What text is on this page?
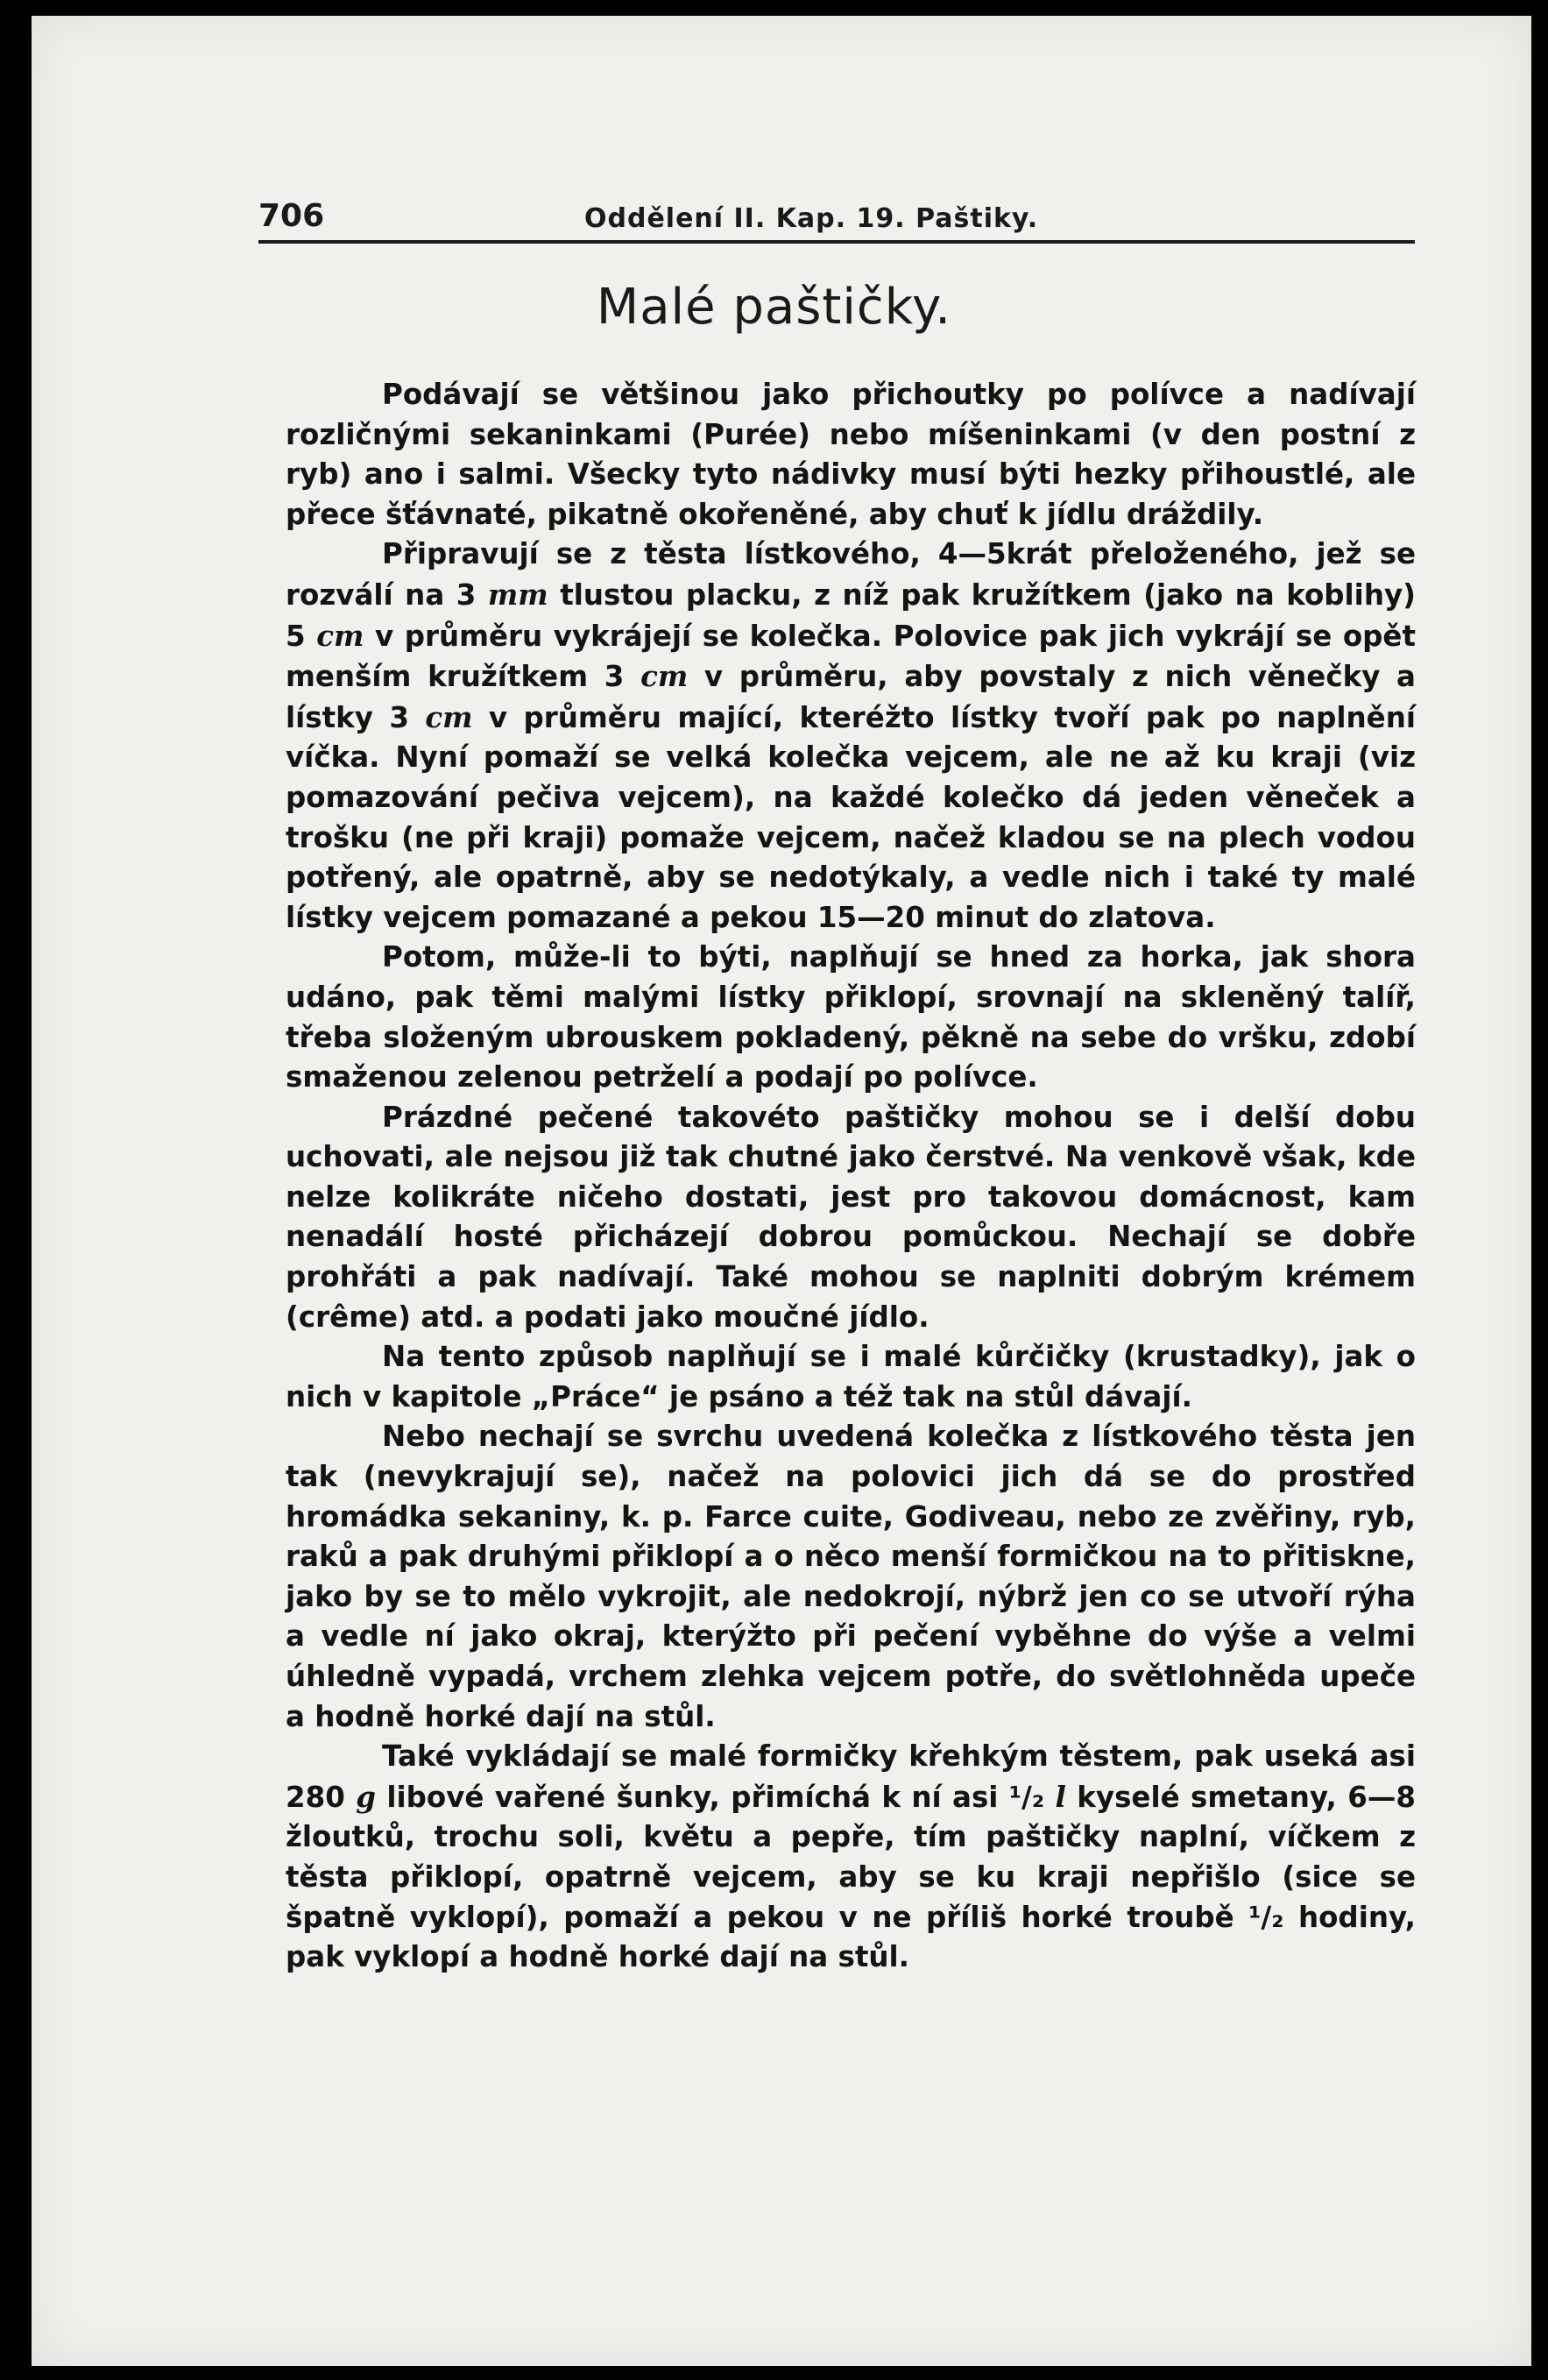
706	Oddělení II. Kap. 19. Paštiky.
Malé paštičky.

Podávají se většinou jako přichoutky po polívce a nadívají rozličnými sekaninkami (Purée) nebo míšeninkami (v den postní z ryb) ano i salmi. Všecky tyto nádivky musí býti hezky přihoustlé, ale přece šťávnaté, pikatně okořeněné, aby chuť k jídlu dráždily.

Připravují se z těsta lístkového, 4—5krát přeloženého, jež se rozválí na 3 mm tlustou placku, z níž pak kružítkem (jako na koblihy) 5 cm v průměru vykrájejí se kolečka. Polovice pak jich vykrájí se opět menším kružítkem 3 cm v průměru, aby povstaly z nich věnečky a lístky 3 cm v průměru mající, kteréžto lístky tvoří pak po naplnění víčka. Nyní pomaží se velká kolečka vejcem, ale ne až ku kraji (viz pomazování pečiva vejcem), na každé kolečko dá jeden věneček a trošku (ne při kraji) pomaže vejcem, načež kladou se na plech vodou potřený, ale opatrně, aby se nedotýkaly, a vedle nich i také ty malé lístky vejcem pomazané a pekou 15—20 minut do zlatova.

Potom, může-li to býti, naplňují se hned za horka, jak shora udáno, pak těmi malými lístky přiklopí, srovnají na skleněný talíř, třeba složeným ubrouskem pokladený, pěkně na sebe do vršku, zdobí smaženou zelenou petrželí a podají po polívce.

Prázdné pečené takovéto paštičky mohou se i delší dobu uchovati, ale nejsou již tak chutné jako čerstvé. Na venkově však, kde nelze kolikráte ničeho dostati, jest pro takovou domácnost, kam nenadálí hosté přicházejí dobrou pomůckou. Nechají se dobře prohřáti a pak nadívají. Také mohou se naplniti dobrým krémem (crême) atd. a podati jako moučné jídlo.

Na tento způsob naplňují se i malé kůrčičky (krustadky), jak o nich v kapitole „Práce“ je psáno a též tak na stůl dávají.

Nebo nechají se svrchu uvedená kolečka z lístkového těsta jen tak (nevykrajují se), načež na polovici jich dá se do prostřed hromádka sekaniny, k. p. Farce cuite, Godiveau, nebo ze zvěřiny, ryb, raků a pak druhými přiklopí a o něco menší formičkou na to přitiskne, jako by se to mělo vykrojit, ale nedokrojí, nýbrž jen co se utvoří rýha a vedle ní jako okraj, kterýžto při pečení vyběhne do výše a velmi úhledně vypadá, vrchem zlehka vejcem potře, do světlohněda upeče a hodně horké dají na stůl.

Také vykládají se malé formičky křehkým těstem, pak useká asi 280 g libové vařené šunky, přimíchá k ní asi ¹/₂ l kyselé smetany, 6—8 žloutků, trochu soli, květu a pepře, tím paštičky naplní, víčkem z těsta přiklopí, opatrně vejcem, aby se ku kraji nepřišlo (sice se špatně vyklopí), pomaží a pekou v ne příliš horké troubě ¹/₂ hodiny, pak vyklopí a hodně horké dají na stůl.
